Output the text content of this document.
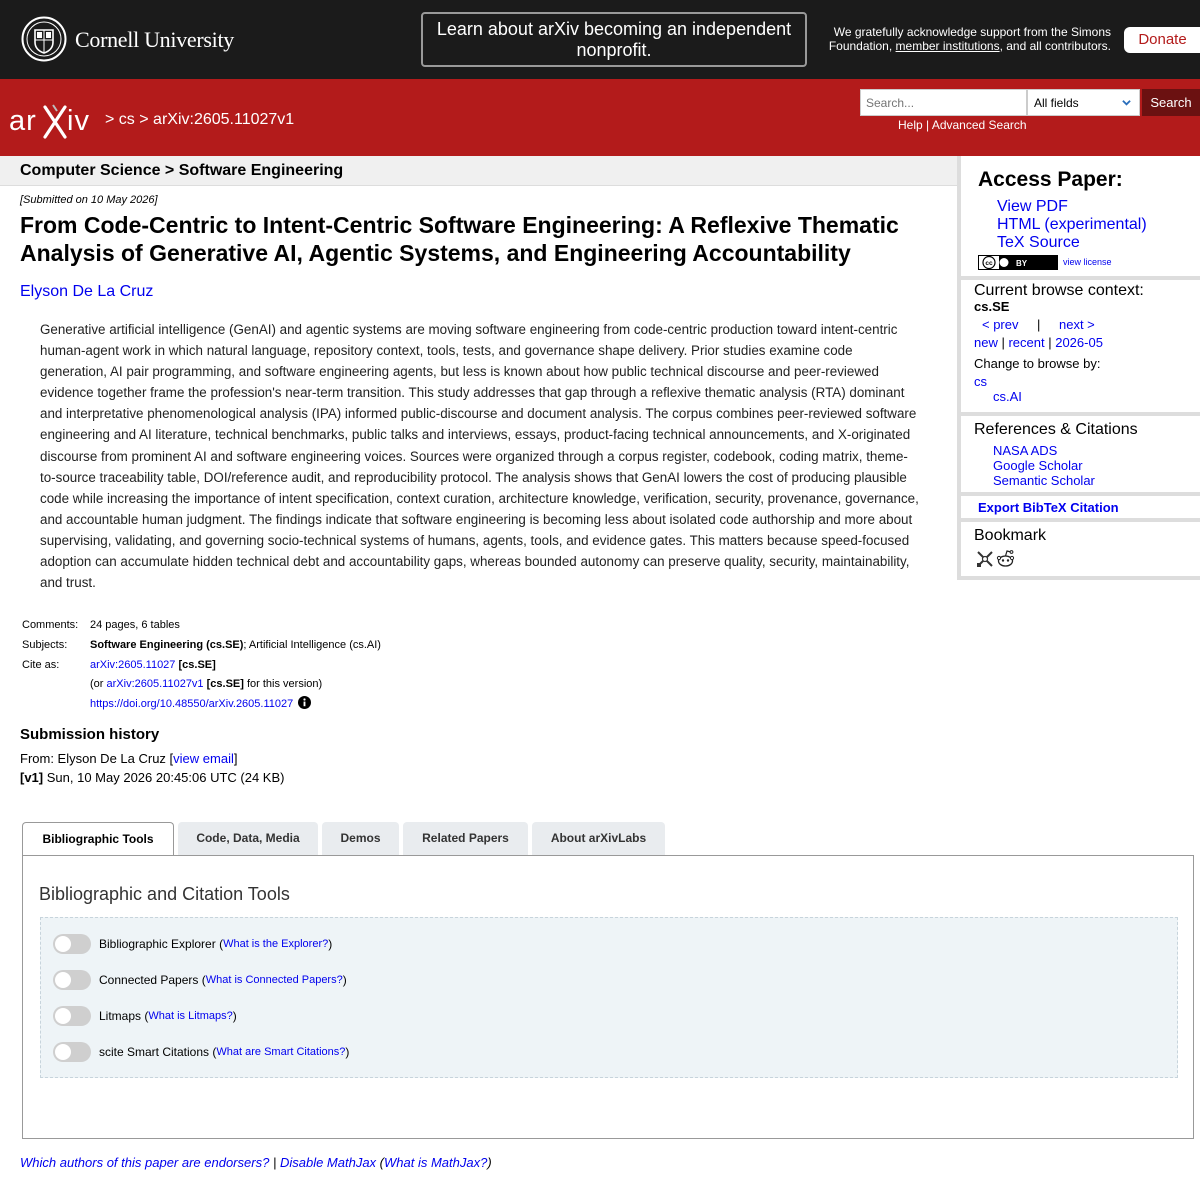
Cornell University	Learn about arXiv becoming an independent nonprofit.
We gratefully acknowledge support from the Simons Foundation, member institutions, and all contributors.	Donate
ar iv > cs > arXiv:2605.11027v1
Search...
All fields	Search
Help | Advanced Search
Computer Science > Software Engineering
[Submitted on 10 May 2026]
From Code-Centric to Intent-Centric Software Engineering: A Reflexive Thematic Analysis of Generative AI, Agentic Systems, and Engineering Accountability
Elyson De La Cruz

Generative artificial intelligence (GenAI) and agentic systems are moving software engineering from code-centric production toward intent-centric human-agent work in which natural language, repository context, tools, tests, and governance shape delivery. Prior studies examine code generation, AI pair programming, and software engineering agents, but less is known about how public technical discourse and peer-reviewed evidence together frame the profession's near-term transition. This study addresses that gap through a reflexive thematic analysis (RTA) dominant and interpretative phenomenological analysis (IPA) informed public-discourse and document analysis. The corpus combines peer-reviewed software engineering and AI literature, technical benchmarks, public talks and interviews, essays, product-facing technical announcements, and X-originated discourse from prominent AI and software engineering voices. Sources were organized through a corpus register, codebook, coding matrix, theme-to-source traceability table, DOI/reference audit, and reproducibility protocol. The analysis shows that GenAI lowers the cost of producing plausible code while increasing the importance of intent specification, context curation, architecture knowledge, verification, security, provenance, governance, and accountable human judgment. The findings indicate that software engineering is becoming less about isolated code authorship and more about supervising, validating, and governing socio-technical systems of humans, agents, tools, and evidence gates. This matters because speed-focused adoption can accumulate hidden technical debt and accountability gaps, whereas bounded autonomy can preserve quality, security, maintainability, and trust.

Comments:	24 pages, 6 tables
Subjects:	Software Engineering (cs.SE); Artificial Intelligence (cs.AI)
Cite as:	arXiv:2605.11027 [cs.SE]
(or arXiv:2605.11027v1 [cs.SE] for this version)
https://doi.org/10.48550/arXiv.2605.11027
Submission history
From: Elyson De La Cruz [view email]
[v1] Sun, 10 May 2026 20:45:06 UTC (24 KB)
Access Paper:
View PDF
HTML (experimental)
TeX Source
cc	BY	view license
Current browse context:
cs.SE
< prev | next >
new | recent | 2026-05
Change to browse by:
cs
cs.AI
References & Citations
NASA ADS
Google Scholar
Semantic Scholar
Export BibTeX Citation
Bookmark
Bibliographic Tools	Code, Data, Media	Demos	Related Papers	About arXivLabs
Bibliographic and Citation Tools
Bibliographic Explorer ( What is the Explorer? )
Connected Papers ( What is Connected Papers? )
Litmaps ( What is Litmaps? )
scite Smart Citations ( What are Smart Citations? )
Which authors of this paper are endorsers? | Disable MathJax (What is MathJax?)
